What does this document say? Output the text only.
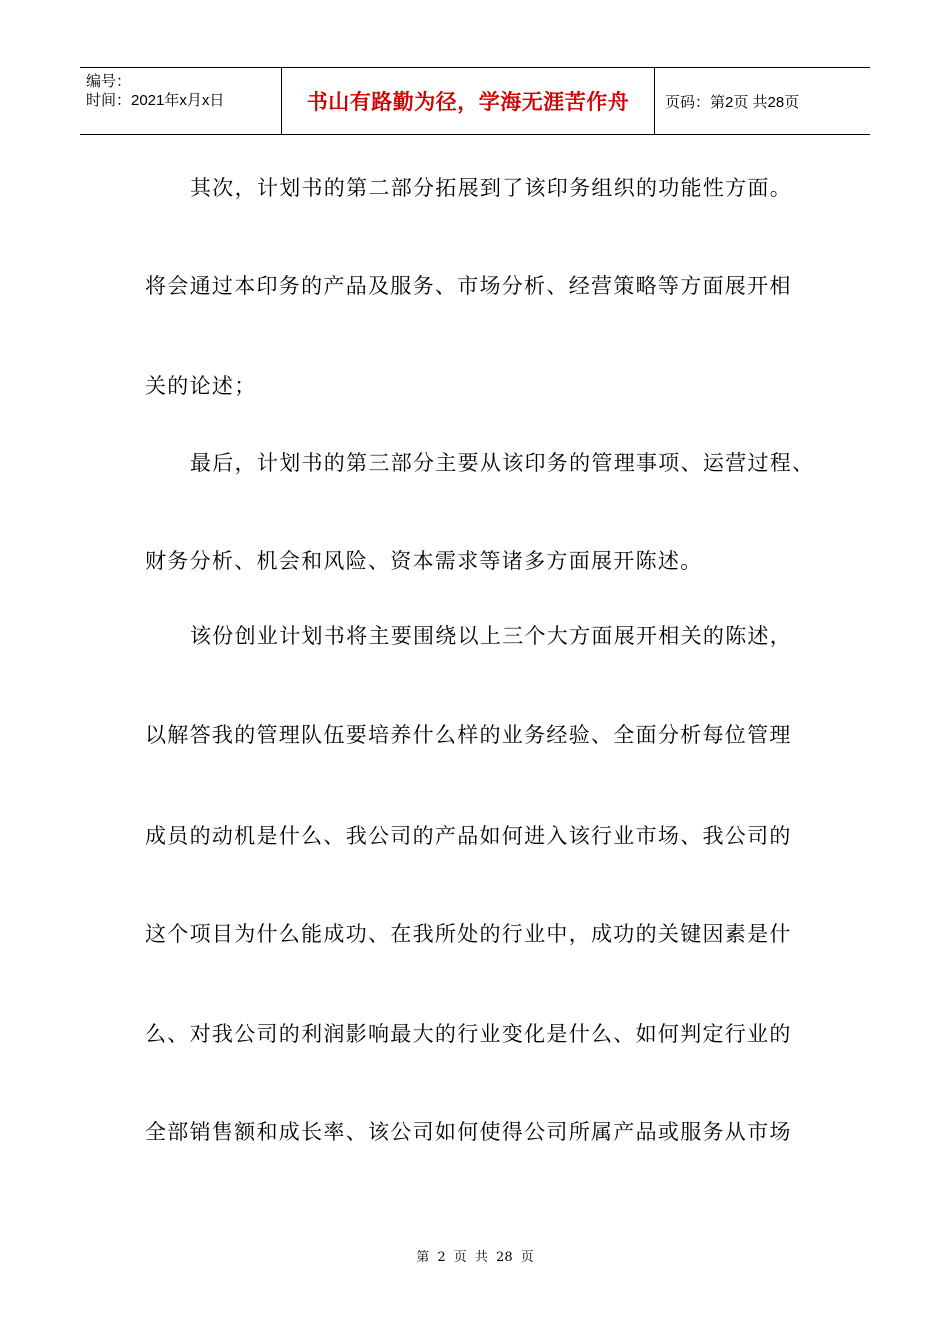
编号：
时间：2021年x月x日	书山有路勤为径，学海无涯苦作舟	页码：第2页 共28页
其次，计划书的第二部分拓展到了该印务组织的功能性方面。
将会通过本印务的产品及服务、市场分析、经营策略等方面展开相
关的论述；
最后，计划书的第三部分主要从该印务的管理事项、运营过程、
财务分析、机会和风险、资本需求等诸多方面展开陈述。
该份创业计划书将主要围绕以上三个大方面展开相关的陈述，
以解答我的管理队伍要培养什么样的业务经验、全面分析每位管理
成员的动机是什么、我公司的产品如何进入该行业市场、我公司的
这个项目为什么能成功、在我所处的行业中，成功的关键因素是什
么、对我公司的利润影响最大的行业变化是什么、如何判定行业的
全部销售额和成长率、该公司如何使得公司所属产品或服务从市场
第 2 页 共 28 页
